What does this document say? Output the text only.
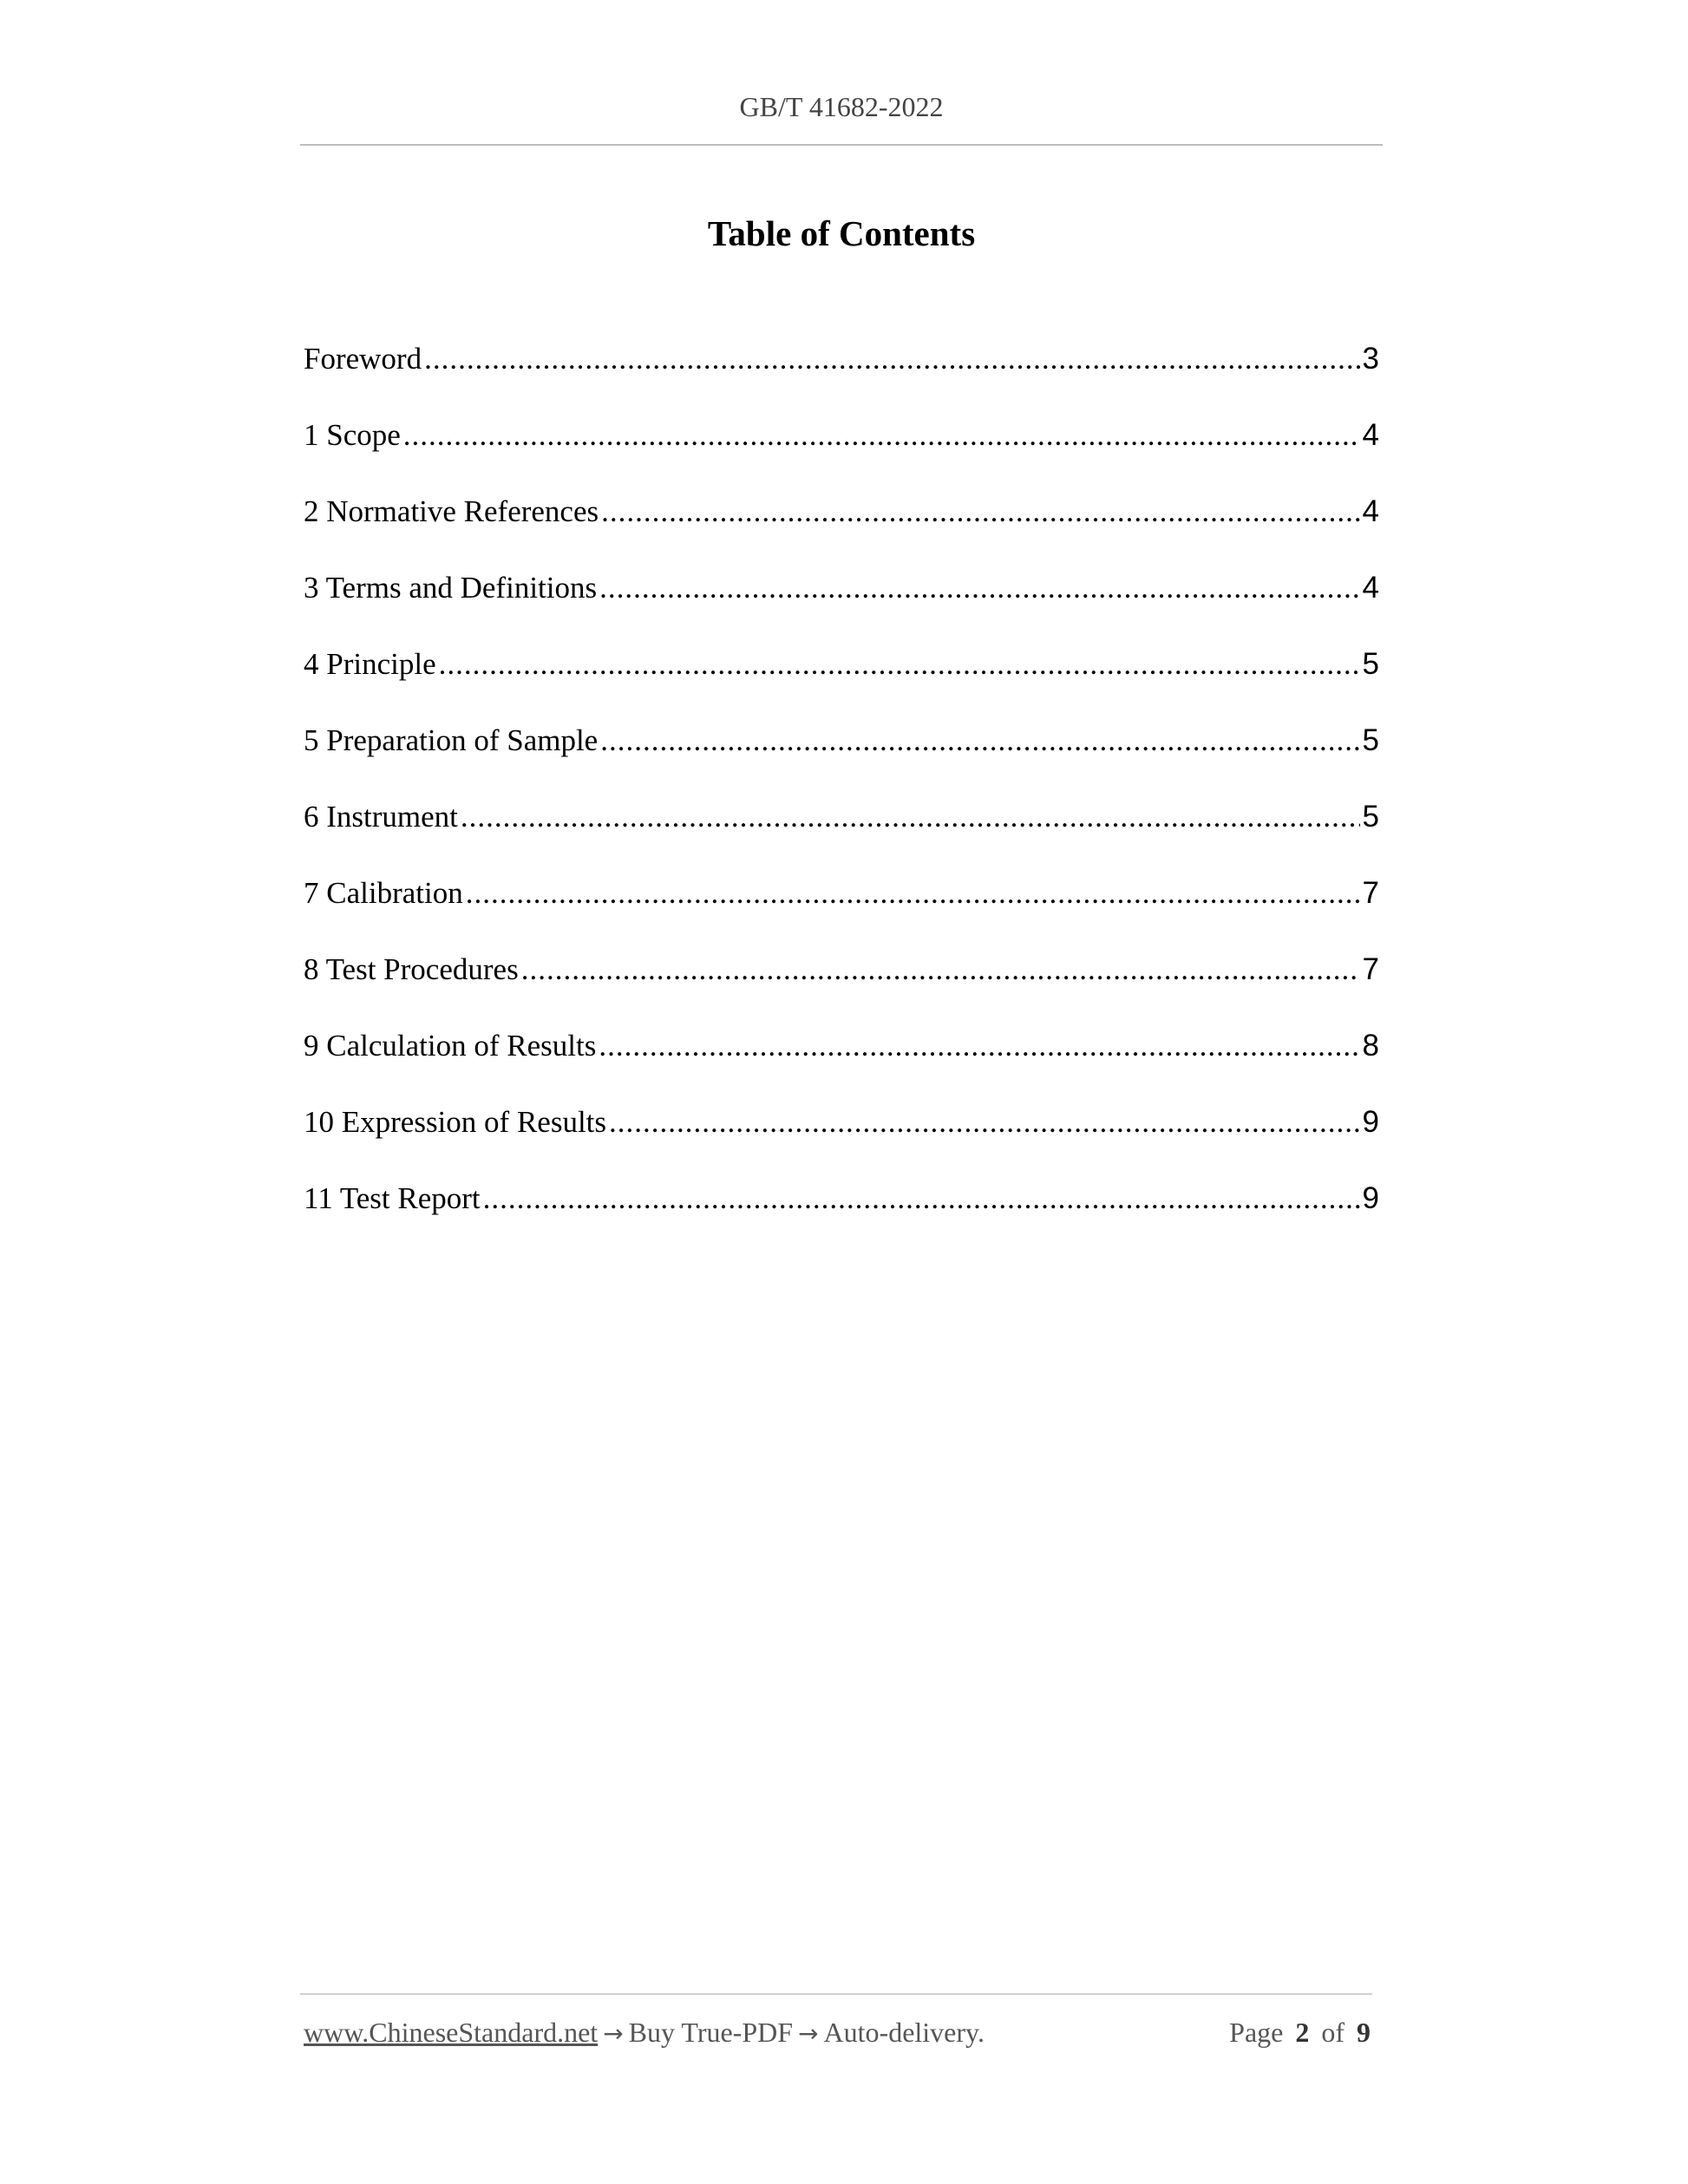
GB/T 41682-2022
Table of Contents
Foreword .....	3
1 Scope .....	4
2 Normative References .....	4
3 Terms and Definitions .....	4
4 Principle .....	5
5 Preparation of Sample .....	5
6 Instrument .....	5
7 Calibration .....	7
8 Test Procedures .....	7
9 Calculation of Results .....	8
10 Expression of Results .....	9
11 Test Report .....	9
www.ChineseStandard.net → Buy True-PDF → Auto-delivery.	Page 2 of 9
